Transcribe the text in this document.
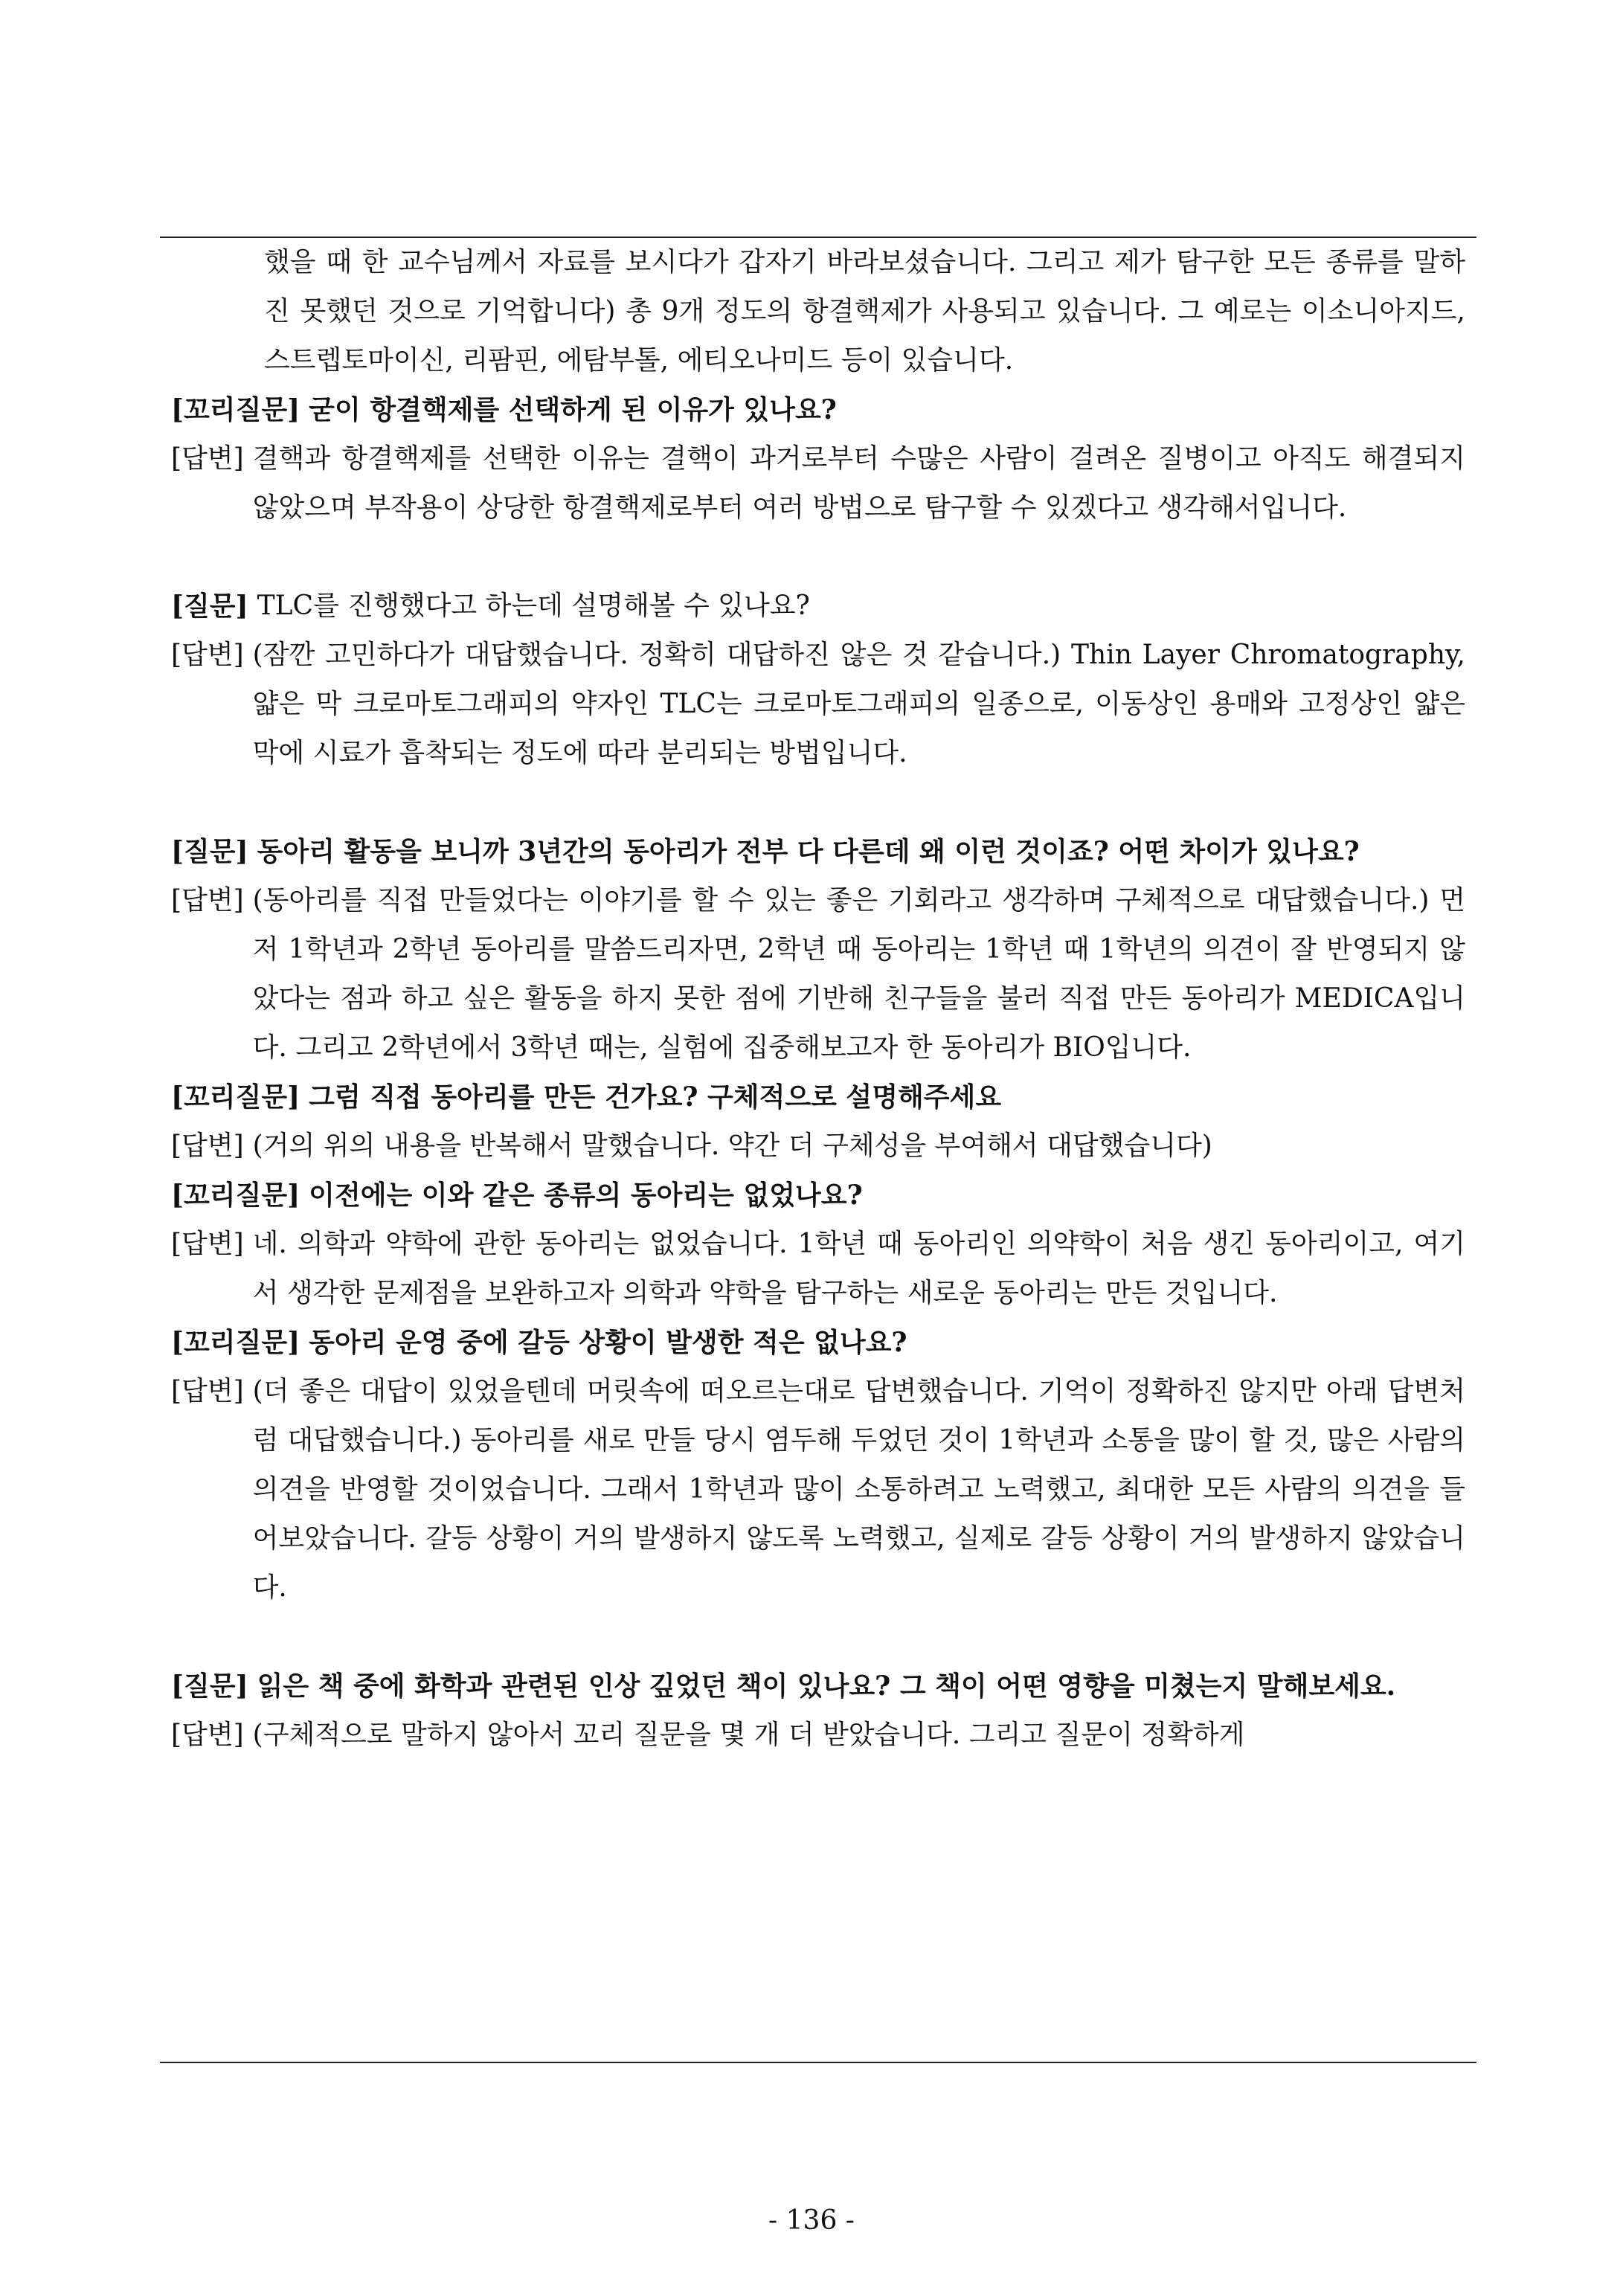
했을 때 한 교수님께서 자료를 보시다가 갑자기 바라보셨습니다. 그리고 제가 탐구한 모든 종류를 말하진 못했던 것으로 기억합니다) 총 9개 정도의 항결핵제가 사용되고 있습니다. 그 예로는 이소니아지드, 스트렙토마이신, 리팜핀, 에탐부톨, 에티오나미드 등이 있습니다.
[꼬리질문] 굳이 항결핵제를 선택하게 된 이유가 있나요?
[답변] 결핵과 항결핵제를 선택한 이유는 결핵이 과거로부터 수많은 사람이 걸려온 질병이고 아직도 해결되지 않았으며 부작용이 상당한 항결핵제로부터 여러 방법으로 탐구할 수 있겠다고 생각해서입니다.
[질문] TLC를 진행했다고 하는데 설명해볼 수 있나요?
[답변] (잠깐 고민하다가 대답했습니다. 정확히 대답하진 않은 것 같습니다.) Thin Layer Chromatography, 얇은 막 크로마토그래피의 약자인 TLC는 크로마토그래피의 일종으로, 이동상인 용매와 고정상인 얇은 막에 시료가 흡착되는 정도에 따라 분리되는 방법입니다.
[질문] 동아리 활동을 보니까 3년간의 동아리가 전부 다 다른데 왜 이런 것이죠? 어떤 차이가 있나요?
[답변] (동아리를 직접 만들었다는 이야기를 할 수 있는 좋은 기회라고 생각하며 구체적으로 대답했습니다.) 먼저 1학년과 2학년 동아리를 말씀드리자면, 2학년 때 동아리는 1학년 때 1학년의 의견이 잘 반영되지 않았다는 점과 하고 싶은 활동을 하지 못한 점에 기반해 친구들을 불러 직접 만든 동아리가 MEDICA입니다. 그리고 2학년에서 3학년 때는, 실험에 집중해보고자 한 동아리가 BIO입니다.
[꼬리질문] 그럼 직접 동아리를 만든 건가요? 구체적으로 설명해주세요
[답변] (거의 위의 내용을 반복해서 말했습니다. 약간 더 구체성을 부여해서 대답했습니다)
[꼬리질문] 이전에는 이와 같은 종류의 동아리는 없었나요?
[답변] 네. 의학과 약학에 관한 동아리는 없었습니다. 1학년 때 동아리인 의약학이 처음 생긴 동아리이고, 여기서 생각한 문제점을 보완하고자 의학과 약학을 탐구하는 새로운 동아리는 만든 것입니다.
[꼬리질문] 동아리 운영 중에 갈등 상황이 발생한 적은 없나요?
[답변] (더 좋은 대답이 있었을텐데 머릿속에 떠오르는대로 답변했습니다. 기억이 정확하진 않지만 아래 답변처럼 대답했습니다.) 동아리를 새로 만들 당시 염두해 두었던 것이 1학년과 소통을 많이 할 것, 많은 사람의 의견을 반영할 것이었습니다. 그래서 1학년과 많이 소통하려고 노력했고, 최대한 모든 사람의 의견을 들어보았습니다. 갈등 상황이 거의 발생하지 않도록 노력했고, 실제로 갈등 상황이 거의 발생하지 않았습니다.
[질문] 읽은 책 중에 화학과 관련된 인상 깊었던 책이 있나요? 그 책이 어떤 영향을 미쳤는지 말해보세요.
[답변] (구체적으로 말하지 않아서 꼬리 질문을 몇 개 더 받았습니다. 그리고 질문이 정확하게
- 136 -
